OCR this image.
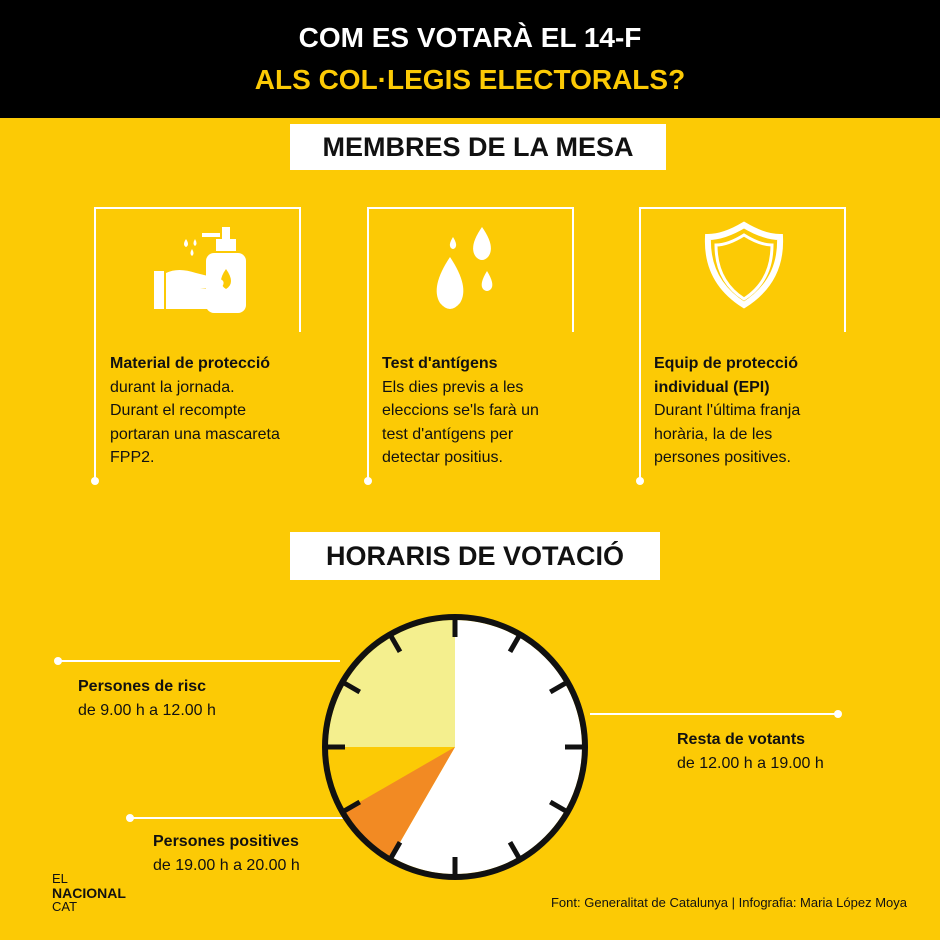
COM ES VOTARÀ EL 14-F
ALS COL·LEGIS ELECTORALS?
MEMBRES DE LA MESA
Material de protecció
durant la jornada.
Durant el recompte
portaran una mascareta
FPP2.
Test d'antígens
Els dies previs a les
eleccions se'ls farà un
test d'antígens per
detectar positius.
Equip de protecció
individual (EPI)
Durant l'última franja
horària, la de les
persones positives.
HORARIS DE VOTACIÓ
Persones de risc
de 9.00 h a 12.00 h
Resta de votants
de 12.00 h a 19.00 h
Persones positives
de 19.00 h a 20.00 h
EL
NACIONAL
CAT	Font: Generalitat de Catalunya | Infografia: Maria López Moya
